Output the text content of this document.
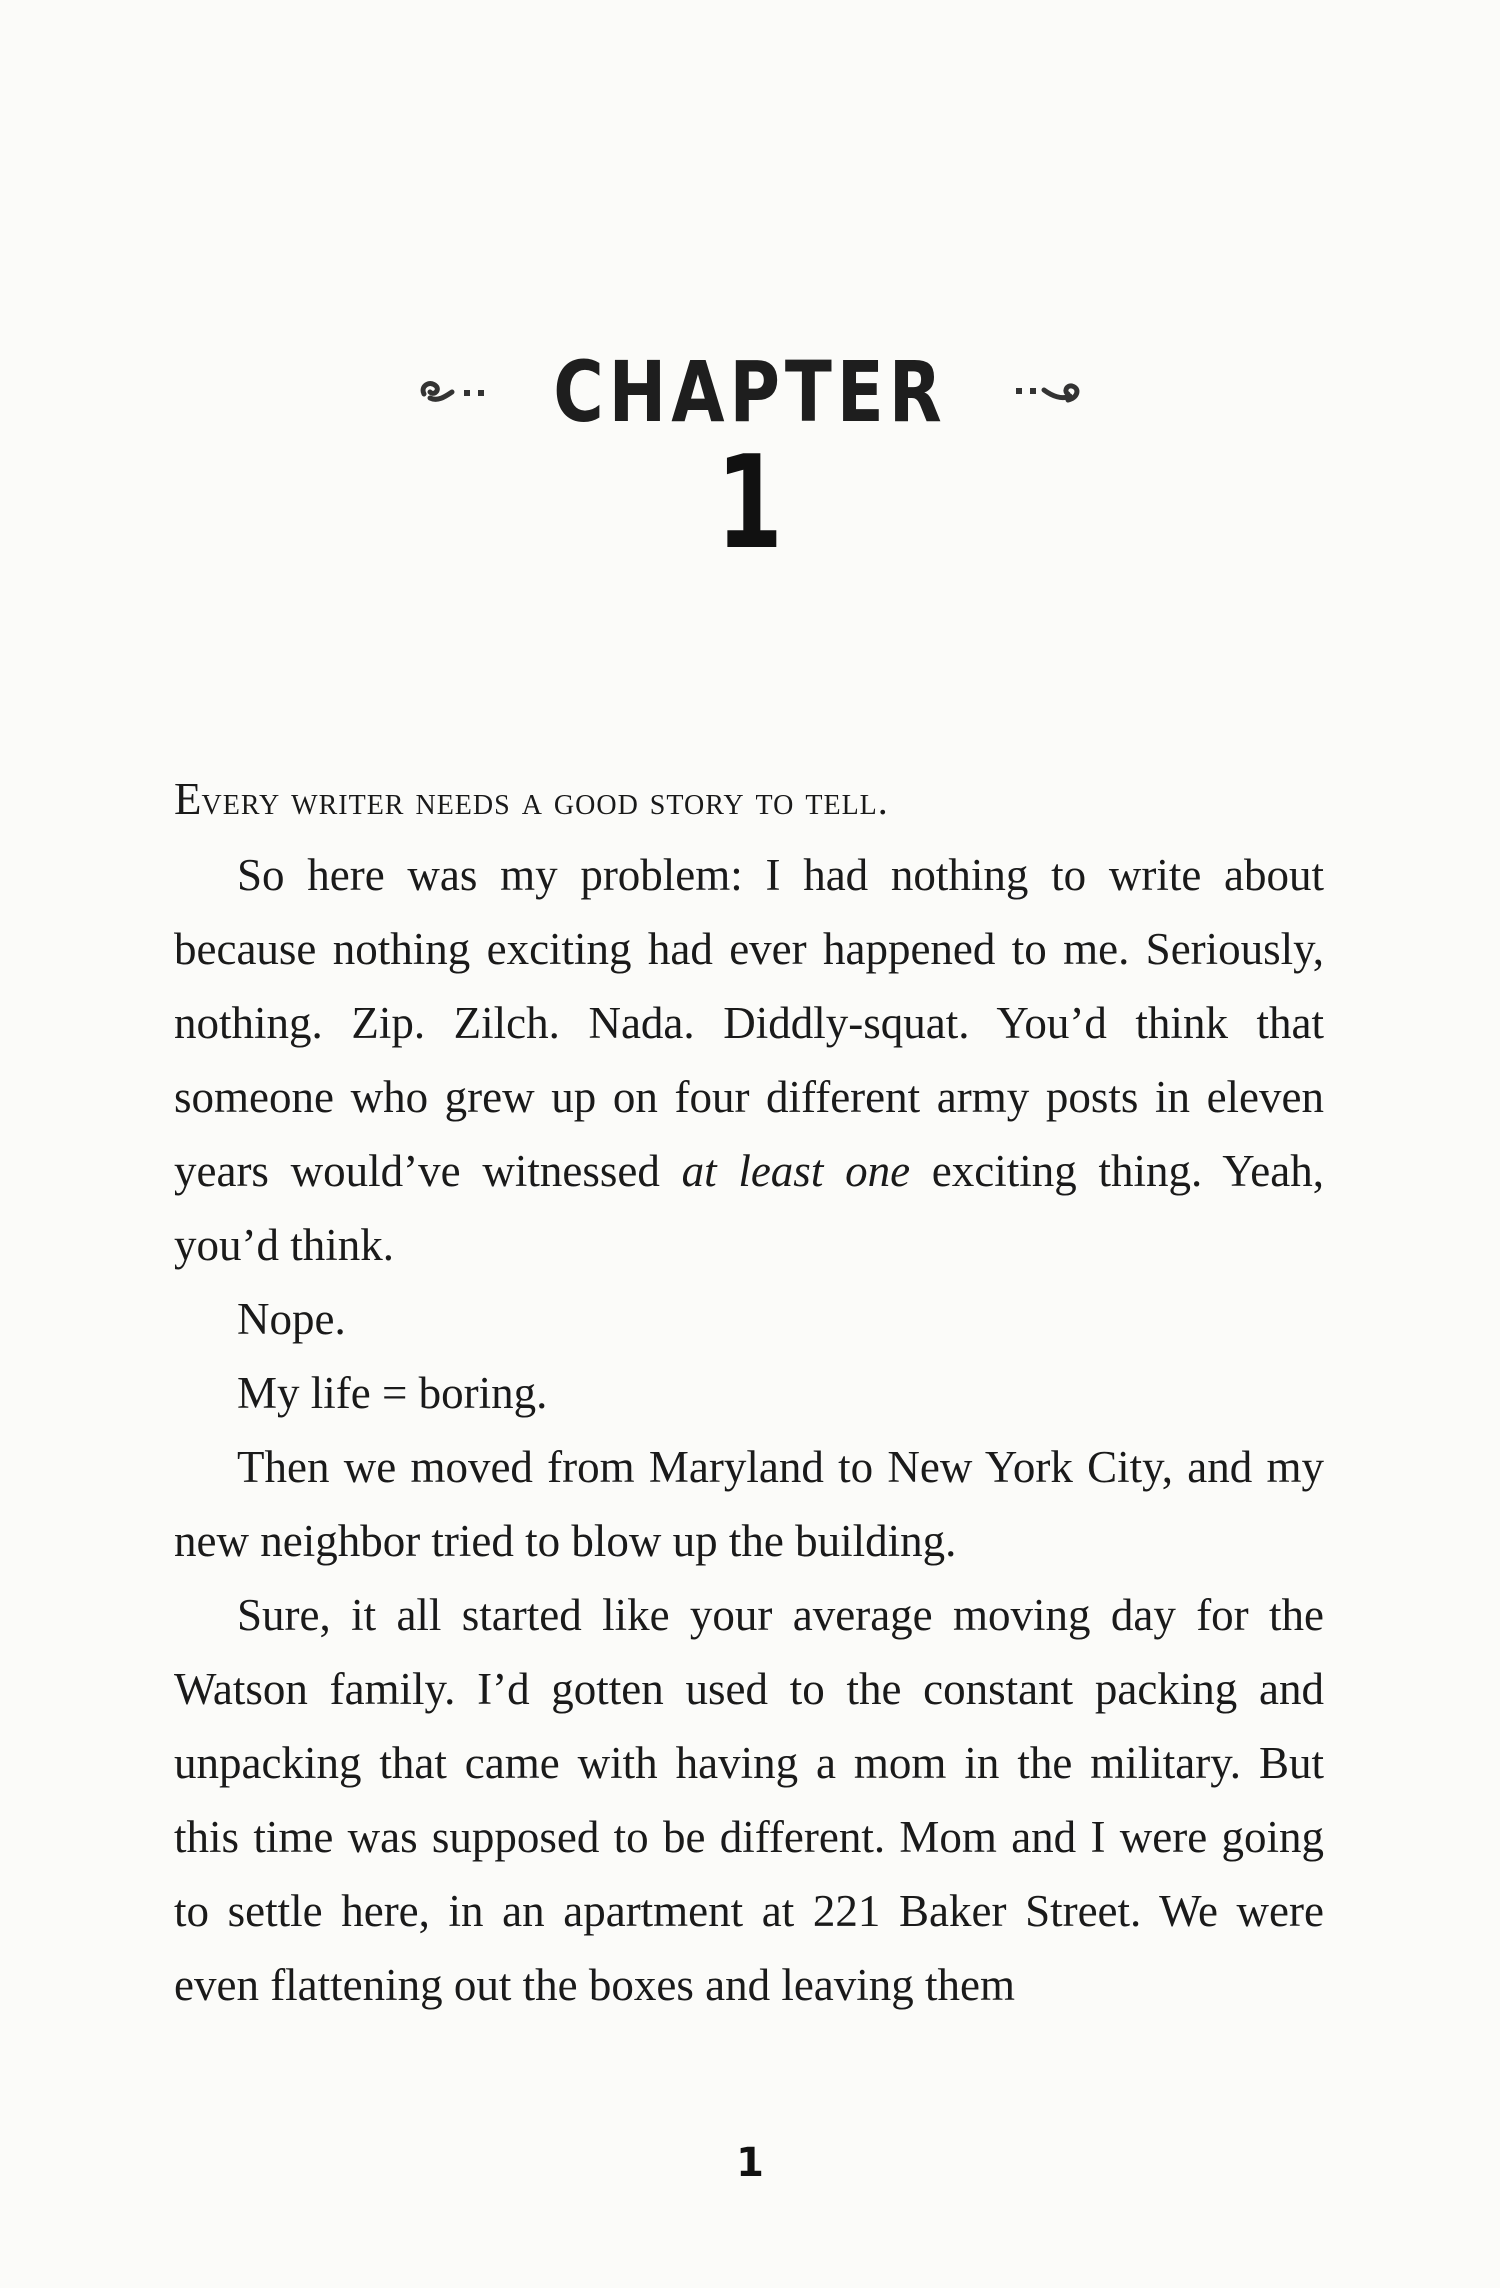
CHAPTER
1

Every writer needs a good story to tell.

So here was my problem: I had nothing to write about because nothing exciting had ever happened to me. Seriously, nothing. Zip. Zilch. Nada. Diddly-squat. You’d think that someone who grew up on four different army posts in eleven years would’ve witnessed at least one exciting thing. Yeah, you’d think.

Nope.

My life = boring.

Then we moved from Maryland to New York City, and my new neighbor tried to blow up the building.

Sure, it all started like your average moving day for the Watson family. I’d gotten used to the constant packing and unpacking that came with having a mom in the military. But this time was supposed to be different. Mom and I were going to settle here, in an apartment at 221 Baker Street. We were even flattening out the boxes and leaving them

1
